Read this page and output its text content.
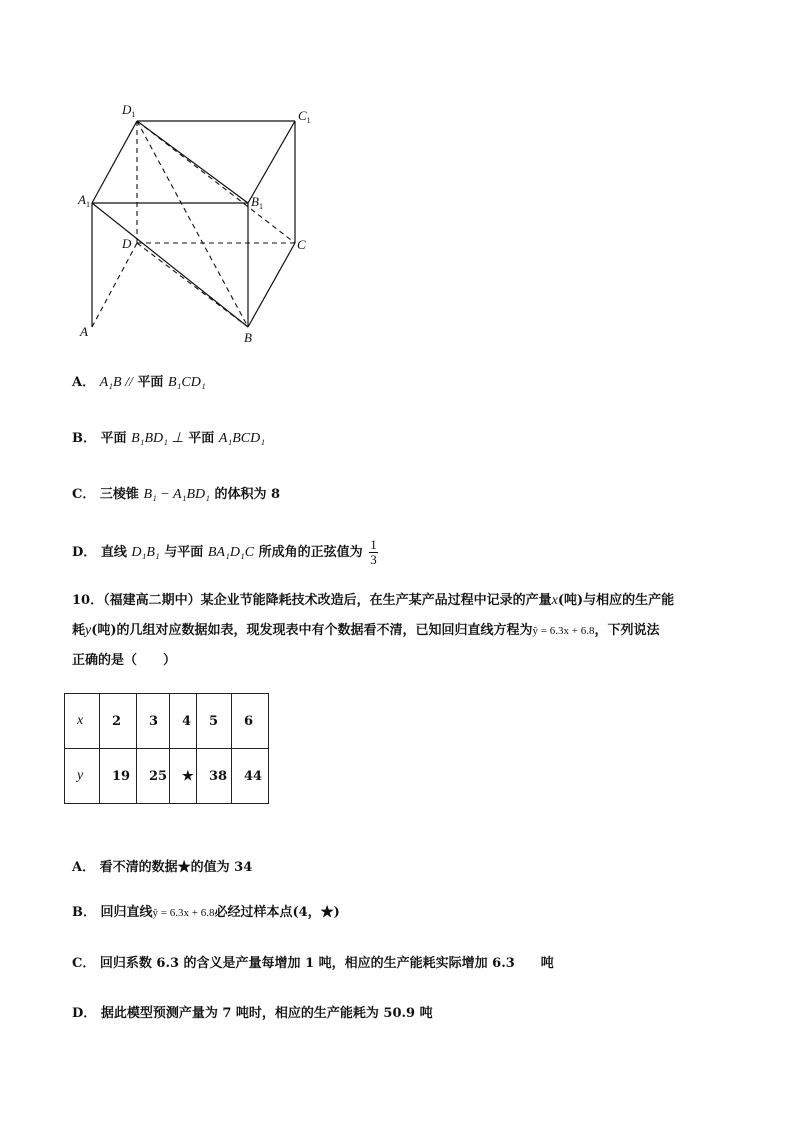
$D_1$	$C_1$
$A_1$	$B_1$
D	C
A	B
A． A₁B // 平面 B₁CD₁
B． 平面 B₁BD₁ ⊥ 平面 A₁BCD₁
C． 三棱锥 B₁ − A₁BD₁ 的体积为 8
D． 直线 D₁B₁ 与平面 BA₁D₁C 所成角的正弦值为 $\frac{1}{3}$
10．（福建高二期中）某企业节能降耗技术改造后，在生产某产品过程中记录的产量x(吨)与相应的生产能
耗y(吨)的几组对应数据如表，现发现表中有个数据看不清，已知回归直线方程为ŷ = 6.3x + 6.8，下列说法
正确的是（　　）
x	2	3	4	5	6
y	19	25	★	38	44
A． 看不清的数据★的值为 34
B． 回归直线ŷ = 6.3x + 6.8必经过样本点(4，★)
C． 回归系数 6.3 的含义是产量每增加 1 吨，相应的生产能耗实际增加 6.3　　吨
D． 据此模型预测产量为 7 吨时，相应的生产能耗为 50.9 吨
